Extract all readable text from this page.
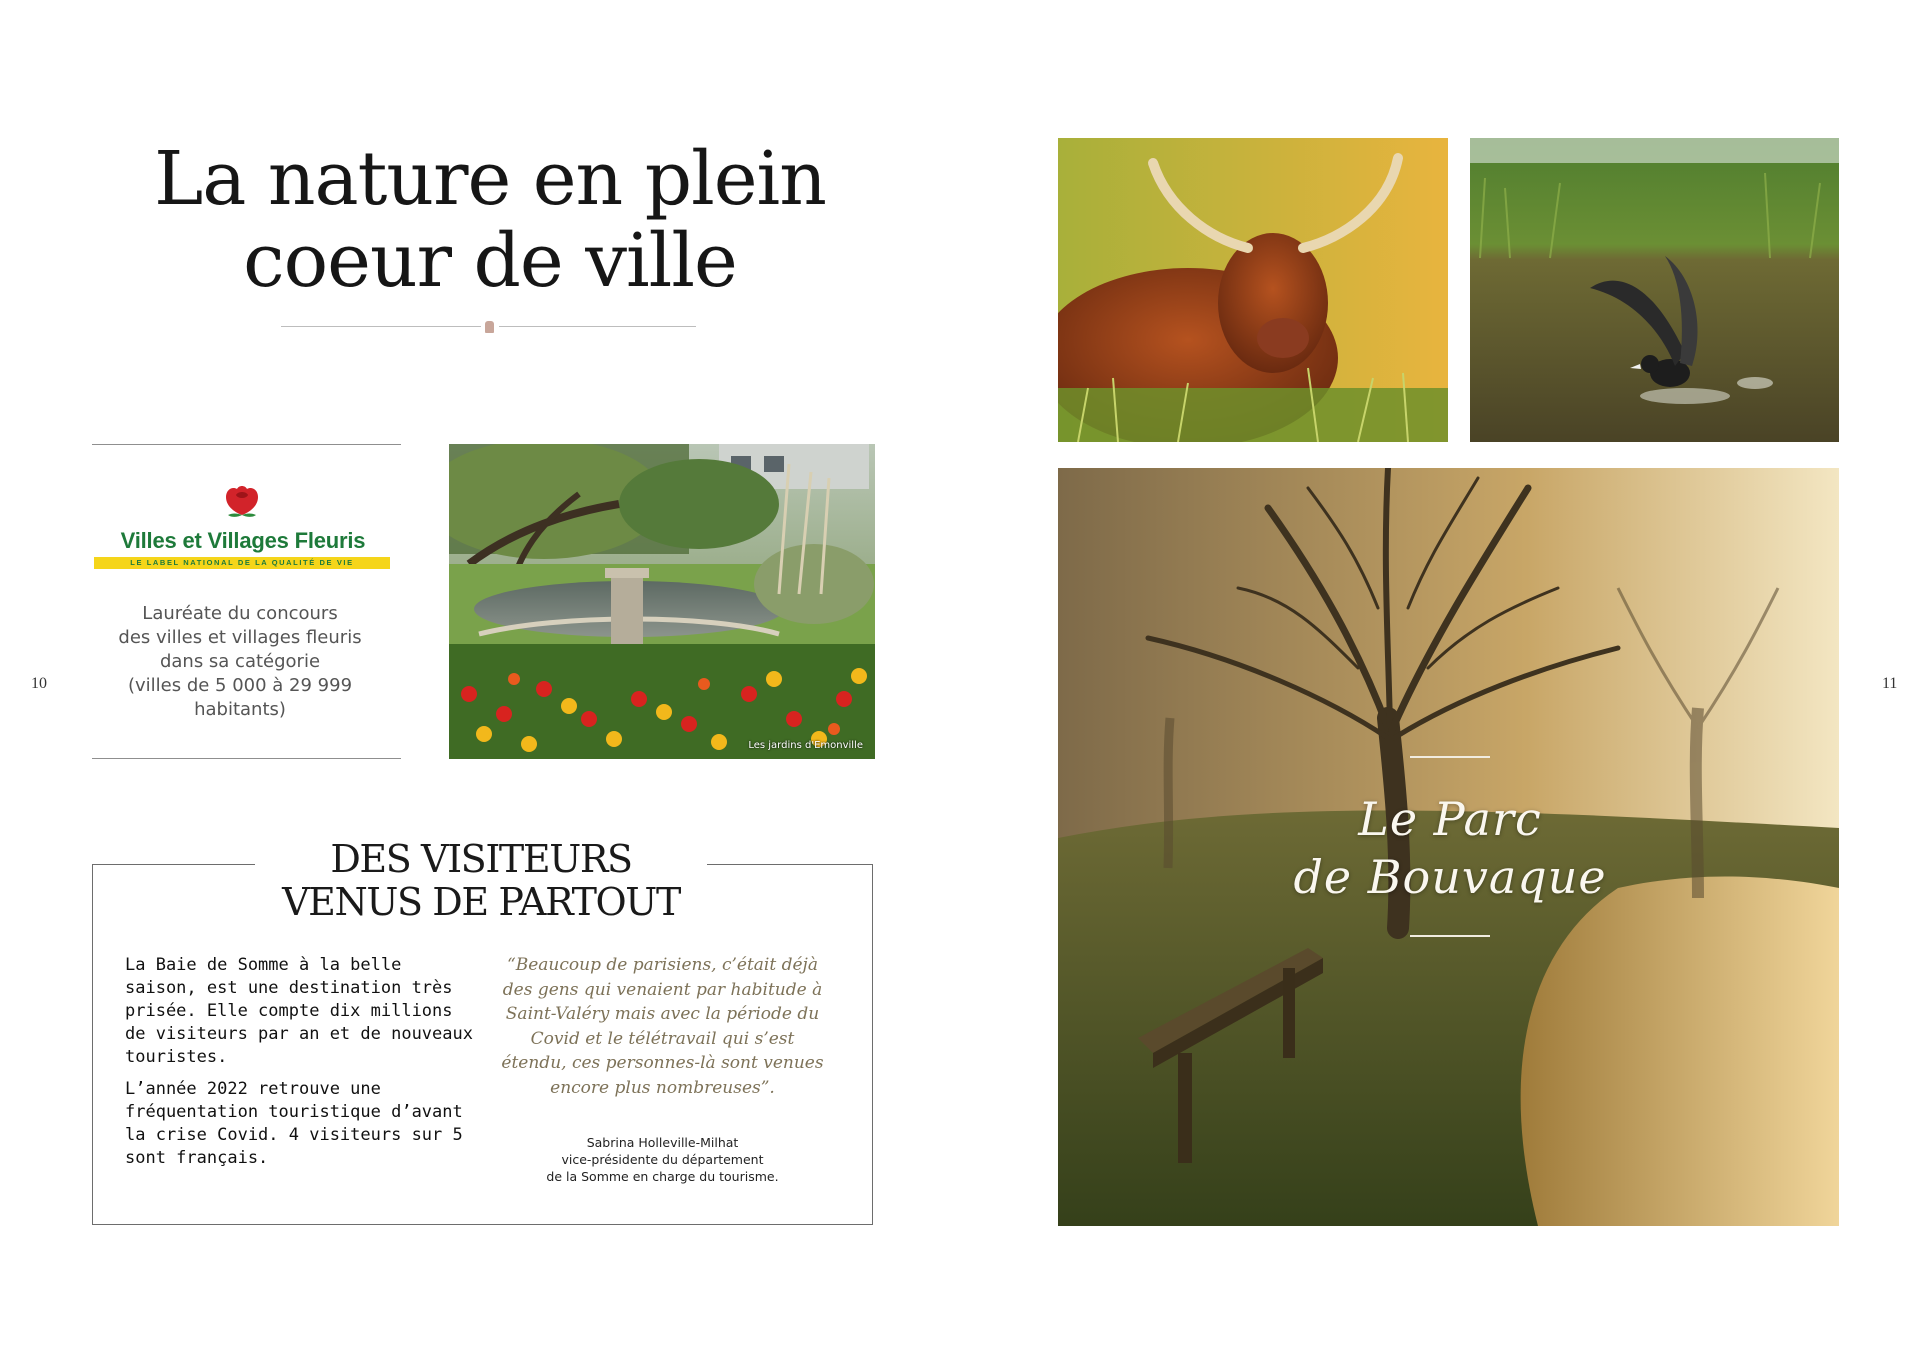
La nature en plein
coeur de ville
10
Villes et Villages Fleuris
LE LABEL NATIONAL DE LA QUALITÉ DE VIE
Lauréate du concours
des villes et villages fleuris
dans sa catégorie
(villes de 5 000 à 29 999
habitants)
Les jardins d'Emonville
DES VISITEURS
VENUS DE PARTOUT

La Baie de Somme à la belle saison, est une destination très prisée. Elle compte dix millions de visiteurs par an et de nouveaux touristes.

L’année 2022 retrouve une fréquentation touristique d’avant la crise Covid. 4 visiteurs sur 5 sont français.

“Beaucoup de parisiens, c’était déjà des gens qui venaient par habitude à Saint-Valéry mais avec la période du Covid et le télétravail qui s’est étendu, ces personnes-là sont venues encore plus nombreuses”.
Sabrina Holleville-Milhat
vice-présidente du département
de la Somme en charge du tourisme.
11
Le Parc
de Bouvaque
